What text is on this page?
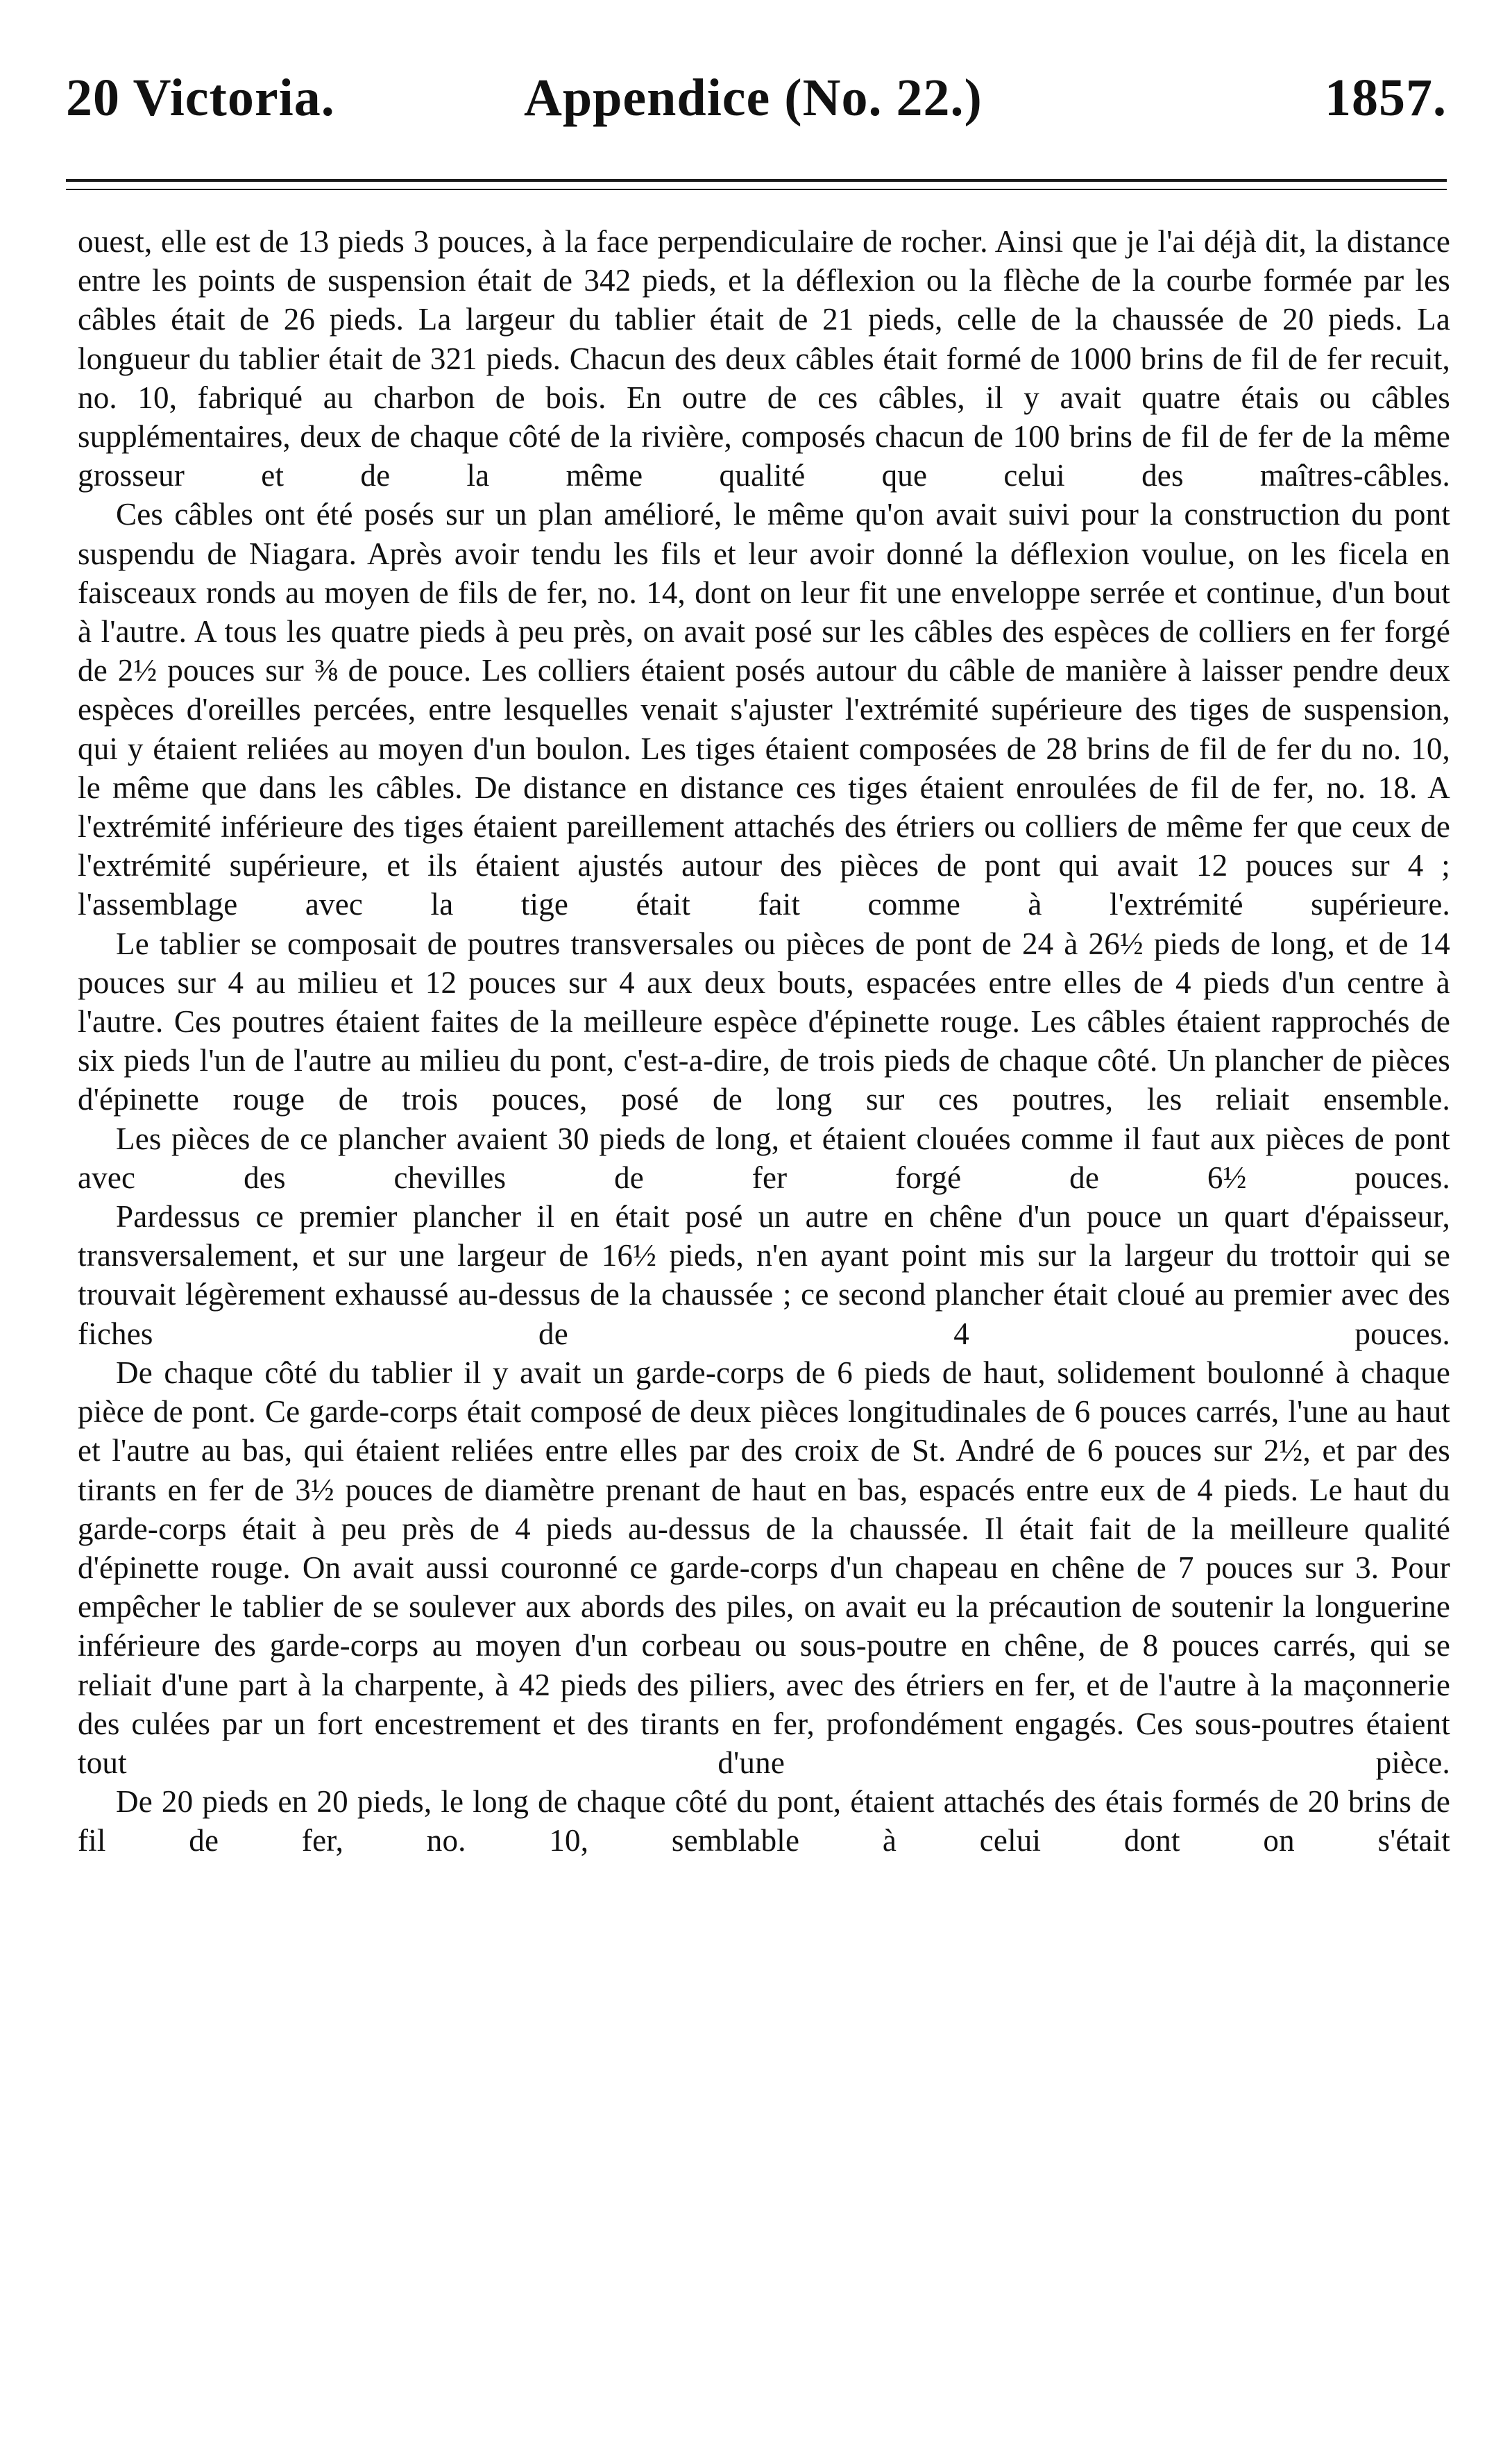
20 Victoria.	Appendice (No. 22.)	1857.

ouest, elle est de 13 pieds 3 pouces, à la face perpendiculaire de rocher. Ainsi que je l'ai déjà dit, la distance entre les points de suspension était de 342 pieds, et la déflexion ou la flèche de la courbe formée par les câbles était de 26 pieds. La largeur du tablier était de 21 pieds, celle de la chaussée de 20 pieds. La longueur du tablier était de 321 pieds. Chacun des deux câbles était formé de 1000 brins de fil de fer recuit, no. 10, fabriqué au charbon de bois. En outre de ces câbles, il y avait quatre étais ou câbles supplémentaires, deux de chaque côté de la rivière, composés chacun de 100 brins de fil de fer de la même grosseur et de la même qualité que celui des maîtres-câbles.

Ces câbles ont été posés sur un plan amélioré, le même qu'on avait suivi pour la construction du pont suspendu de Niagara. Après avoir tendu les fils et leur avoir donné la déflexion voulue, on les ficela en faisceaux ronds au moyen de fils de fer, no. 14, dont on leur fit une enveloppe serrée et continue, d'un bout à l'autre. A tous les quatre pieds à peu près, on avait posé sur les câbles des espèces de colliers en fer forgé de 2½ pouces sur ⅜ de pouce. Les colliers étaient posés autour du câble de manière à laisser pendre deux espèces d'oreilles percées, entre lesquelles venait s'ajuster l'extrémité supérieure des tiges de suspension, qui y étaient reliées au moyen d'un boulon. Les tiges étaient composées de 28 brins de fil de fer du no. 10, le même que dans les câbles. De distance en distance ces tiges étaient enroulées de fil de fer, no. 18. A l'extrémité inférieure des tiges étaient pareillement attachés des étriers ou colliers de même fer que ceux de l'extrémité supérieure, et ils étaient ajustés autour des pièces de pont qui avait 12 pouces sur 4 ; l'assemblage avec la tige était fait comme à l'extrémité supérieure.

Le tablier se composait de poutres transversales ou pièces de pont de 24 à 26½ pieds de long, et de 14 pouces sur 4 au milieu et 12 pouces sur 4 aux deux bouts, espacées entre elles de 4 pieds d'un centre à l'autre. Ces poutres étaient faites de la meilleure espèce d'épinette rouge. Les câbles étaient rapprochés de six pieds l'un de l'autre au milieu du pont, c'est-a-dire, de trois pieds de chaque côté. Un plancher de pièces d'épinette rouge de trois pouces, posé de long sur ces poutres, les reliait ensemble.

Les pièces de ce plancher avaient 30 pieds de long, et étaient clouées comme il faut aux pièces de pont avec des chevilles de fer forgé de 6½ pouces.

Pardessus ce premier plancher il en était posé un autre en chêne d'un pouce un quart d'épaisseur, transversalement, et sur une largeur de 16½ pieds, n'en ayant point mis sur la largeur du trottoir qui se trouvait légèrement exhaussé au-dessus de la chaussée ; ce second plancher était cloué au premier avec des fiches de 4 pouces.

De chaque côté du tablier il y avait un garde-corps de 6 pieds de haut, solidement boulonné à chaque pièce de pont. Ce garde-corps était composé de deux pièces longitudinales de 6 pouces carrés, l'une au haut et l'autre au bas, qui étaient reliées entre elles par des croix de St. André de 6 pouces sur 2½, et par des tirants en fer de 3½ pouces de diamètre prenant de haut en bas, espacés entre eux de 4 pieds. Le haut du garde-corps était à peu près de 4 pieds au-dessus de la chaussée. Il était fait de la meilleure qualité d'épinette rouge. On avait aussi couronné ce garde-corps d'un chapeau en chêne de 7 pouces sur 3. Pour empêcher le tablier de se soulever aux abords des piles, on avait eu la précaution de soutenir la longuerine inférieure des garde-corps au moyen d'un corbeau ou sous-poutre en chêne, de 8 pouces carrés, qui se reliait d'une part à la charpente, à 42 pieds des piliers, avec des étriers en fer, et de l'autre à la maçonnerie des culées par un fort encestrement et des tirants en fer, profondément engagés. Ces sous-poutres étaient tout d'une pièce.

De 20 pieds en 20 pieds, le long de chaque côté du pont, étaient attachés des étais formés de 20 brins de fil de fer, no. 10, semblable à celui dont on s'était
